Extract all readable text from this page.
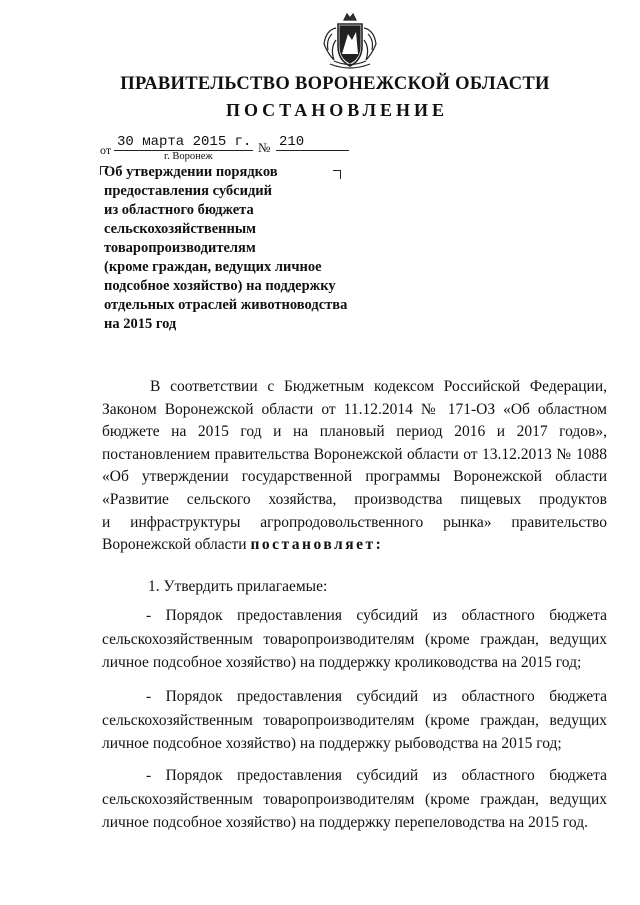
ПРАВИТЕЛЬСТВО ВОРОНЕЖСКОЙ ОБЛАСТИ
ПОСТАНОВЛЕНИЕ
от 30 марта 2015 г. № 210
г. Воронеж
Об утверждении порядков
предоставления субсидий
из областного бюджета
сельскохозяйственным
товаропроизводителям
(кроме граждан, ведущих личное
подсобное хозяйство) на поддержку
отдельных отраслей животноводства
на 2015 год
В соответствии с Бюджетным кодексом Российской Федерации,
Законом Воронежской области от 11.12.2014 № 171-ОЗ «Об областном
бюджете на 2015 год и на плановый период 2016 и 2017 годов»,
постановлением правительства Воронежской области от 13.12.2013 № 1088
«Об утверждении государственной программы Воронежской области
«Развитие сельского хозяйства, производства пищевых продуктов
и инфраструктуры агропродовольственного рынка» правительство
Воронежской области постановляет:
1. Утвердить прилагаемые:
- Порядок предоставления субсидий из областного бюджета
сельскохозяйственным товаропроизводителям (кроме граждан, ведущих
личное подсобное хозяйство) на поддержку кролиководства на 2015 год;
- Порядок предоставления субсидий из областного бюджета
сельскохозяйственным товаропроизводителям (кроме граждан, ведущих
личное подсобное хозяйство) на поддержку рыбоводства на 2015 год;
- Порядок предоставления субсидий из областного бюджета
сельскохозяйственным товаропроизводителям (кроме граждан, ведущих
личное подсобное хозяйство) на поддержку перепеловодства на 2015 год.
